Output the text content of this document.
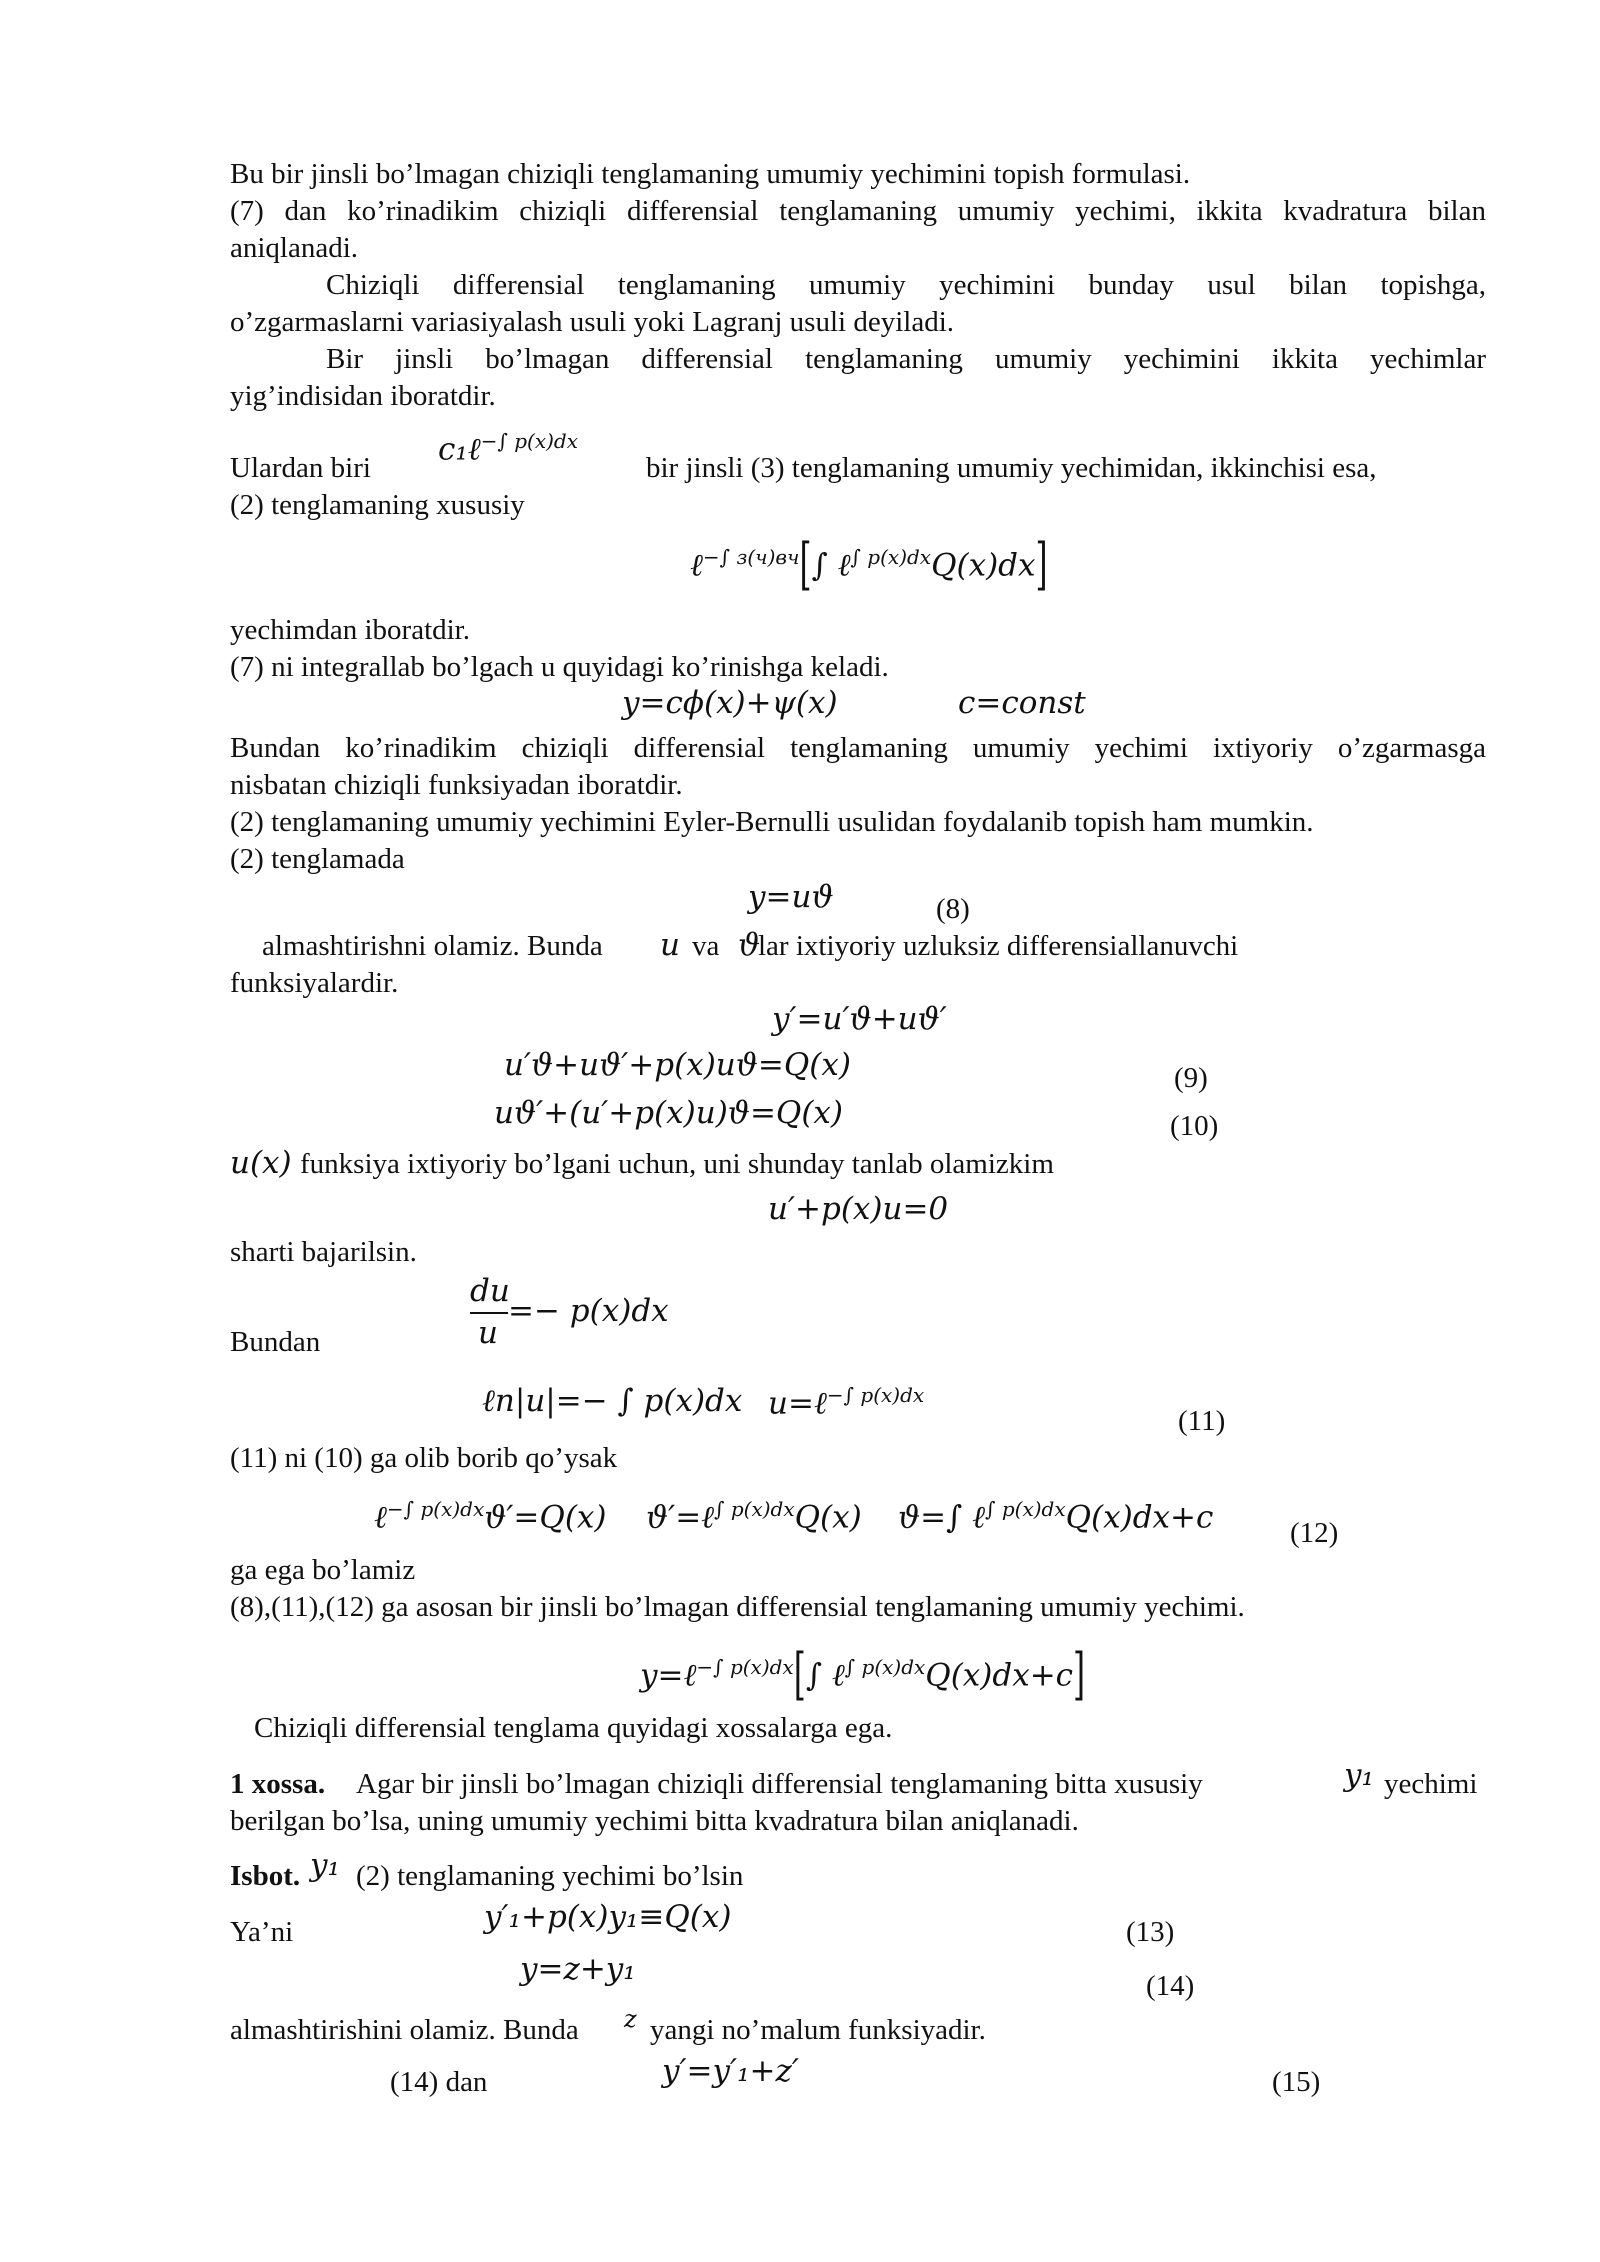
Bu bir jinsli bo’lmagan chiziqli tenglamaning umumiy yechimini topish formulasi.
(7) dan ko’rinadikim chiziqli differensial tenglamaning umumiy yechimi, ikkita kvadratura bilan
aniqlanadi.
Chiziqli differensial tenglamaning umumiy yechimini bunday usul bilan topishga,
o’zgarmaslarni variasiyalash usuli yoki Lagranj usuli deyiladi.
Bir jinsli bo’lmagan differensial tenglamaning umumiy yechimini ikkita yechimlar
yig’indisidan iboratdir.
Ulardan biri
c₁ℓ$^{-\int p(x)dx}$
bir jinsli (3) tenglamaning umumiy yechimidan, ikkinchisi esa,
(2) tenglamaning xususiy
ℓ$^{-\int з(ч)вч}$[∫ ℓ$^{\int p(x)dx}$Q(x)dx]
yechimdan iboratdir.
(7) ni integrallab bo’lgach u quyidagi ko’rinishga keladi.
y=cϕ(x)+ψ(x)	c=const
Bundan ko’rinadikim chiziqli differensial tenglamaning umumiy yechimi ixtiyoriy o’zgarmasga
nisbatan chiziqli funksiyadan iboratdir.
(2) tenglamaning umumiy yechimini Eyler-Bernulli usulidan foydalanib topish ham mumkin.
(2) tenglamada
y=uϑ	(8)
almashtirishni olamiz. Bunda u va ϑ
lar ixtiyoriy uzluksiz differensiallanuvchi
funksiyalardir.
y′=u′ϑ+uϑ′
u′ϑ+uϑ′+p(x)uϑ=Q(x)	(9)
uϑ′+(u′+p(x)u)ϑ=Q(x)	(10)
u(x) funksiya ixtiyoriy bo’lgani uchun, uni shunday tanlab olamizkim
u′+p(x)u=0
sharti bajarilsin.
du
u
=− p(x)dx
Bundan
ℓn|u|=− ∫ p(x)dx u=ℓ$^{-\int p(x)dx}$
(11)
(11) ni (10) ga olib borib qo’ysak
ℓ$^{-\int p(x)dx}$ϑ′=Q(x) ϑ′=ℓ$^{\int p(x)dx}$Q(x) ϑ=∫ ℓ$^{\int p(x)dx}$Q(x)dx+c	(12)
ga ega bo’lamiz
(8),(11),(12) ga asosan bir jinsli bo’lmagan differensial tenglamaning umumiy yechimi.
y=ℓ$^{-\int p(x)dx}$[∫ ℓ$^{\int p(x)dx}$Q(x)dx+c]
Chiziqli differensial tenglama quyidagi xossalarga ega.
1 xossa. Agar bir jinsli bo’lmagan chiziqli differensial tenglamaning bitta xususiy	y₁ yechimi
berilgan bo’lsa, uning umumiy yechimi bitta kvadratura bilan aniqlanadi.
Isbot. y₁ (2) tenglamaning yechimi bo’lsin
y′₁+p(x)y₁≡Q(x)
Ya’ni	(13)
y=z+y₁	(14)
almashtirishini olamiz. Bunda z yangi no’malum funksiyadir.
(14) dan	y′=y′₁+z′	(15)
